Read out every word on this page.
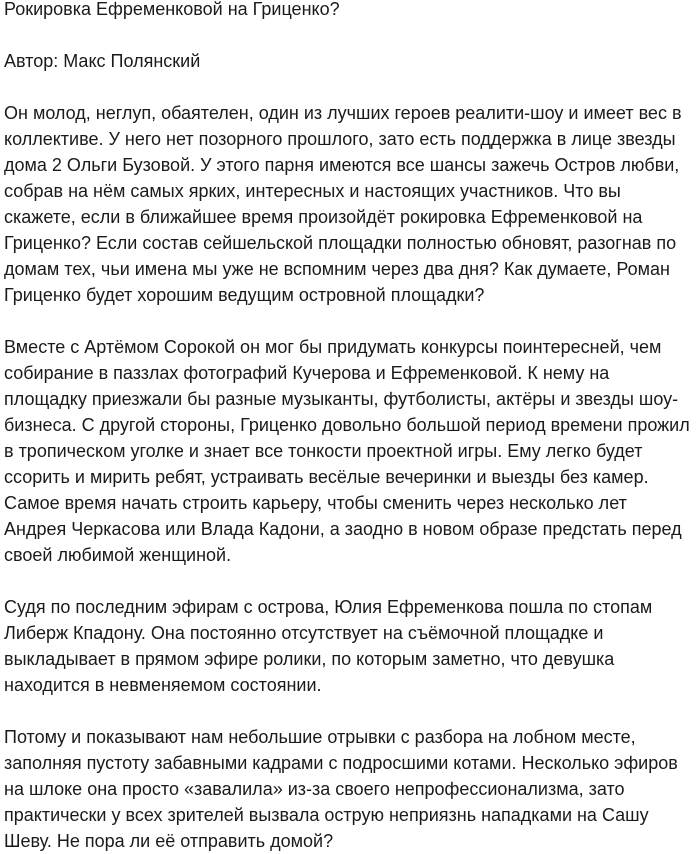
Рокировка Ефременковой на Гриценко?

Автор: Макс Полянский

Он молод, неглуп, обаятелен, один из лучших героев реалити-шоу и имеет вес в коллективе. У него нет позорного прошлого, зато есть поддержка в лице звезды дома 2 Ольги Бузовой. У этого парня имеются все шансы зажечь Остров любви, собрав на нём самых ярких, интересных и настоящих участников. Что вы скажете, если в ближайшее время произойдёт рокировка Ефременковой на Гриценко? Если состав сейшельской площадки полностью обновят, разогнав по домам тех, чьи имена мы уже не вспомним через два дня? Как думаете, Роман Гриценко будет хорошим ведущим островной площадки?

Вместе с Артёмом Сорокой он мог бы придумать конкурсы поинтересней, чем собирание в паззлах фотографий Кучерова и Ефременковой. К нему на площадку приезжали бы разные музыканты, футболисты, актёры и звезды шоу-бизнеса. С другой стороны, Гриценко довольно большой период времени прожил в тропическом уголке и знает все тонкости проектной игры. Ему легко будет ссорить и мирить ребят, устраивать весёлые вечеринки и выезды без камер. Самое время начать строить карьеру, чтобы сменить через несколько лет Андрея Черкасова или Влада Кадони, а заодно в новом образе предстать перед своей любимой женщиной.

Судя по последним эфирам с острова, Юлия Ефременкова пошла по стопам Либерж Кпадону. Она постоянно отсутствует на съёмочной площадке и выкладывает в прямом эфире ролики, по которым заметно, что девушка находится в невменяемом состоянии.

Потому и показывают нам небольшие отрывки с разбора на лобном месте, заполняя пустоту забавными кадрами с подросшими котами. Несколько эфиров на шлоке она просто «завалила» из-за своего непрофессионализма, зато практически у всех зрителей вызвала острую неприязнь нападками на Сашу Шеву. Не пора ли её отправить домой?
